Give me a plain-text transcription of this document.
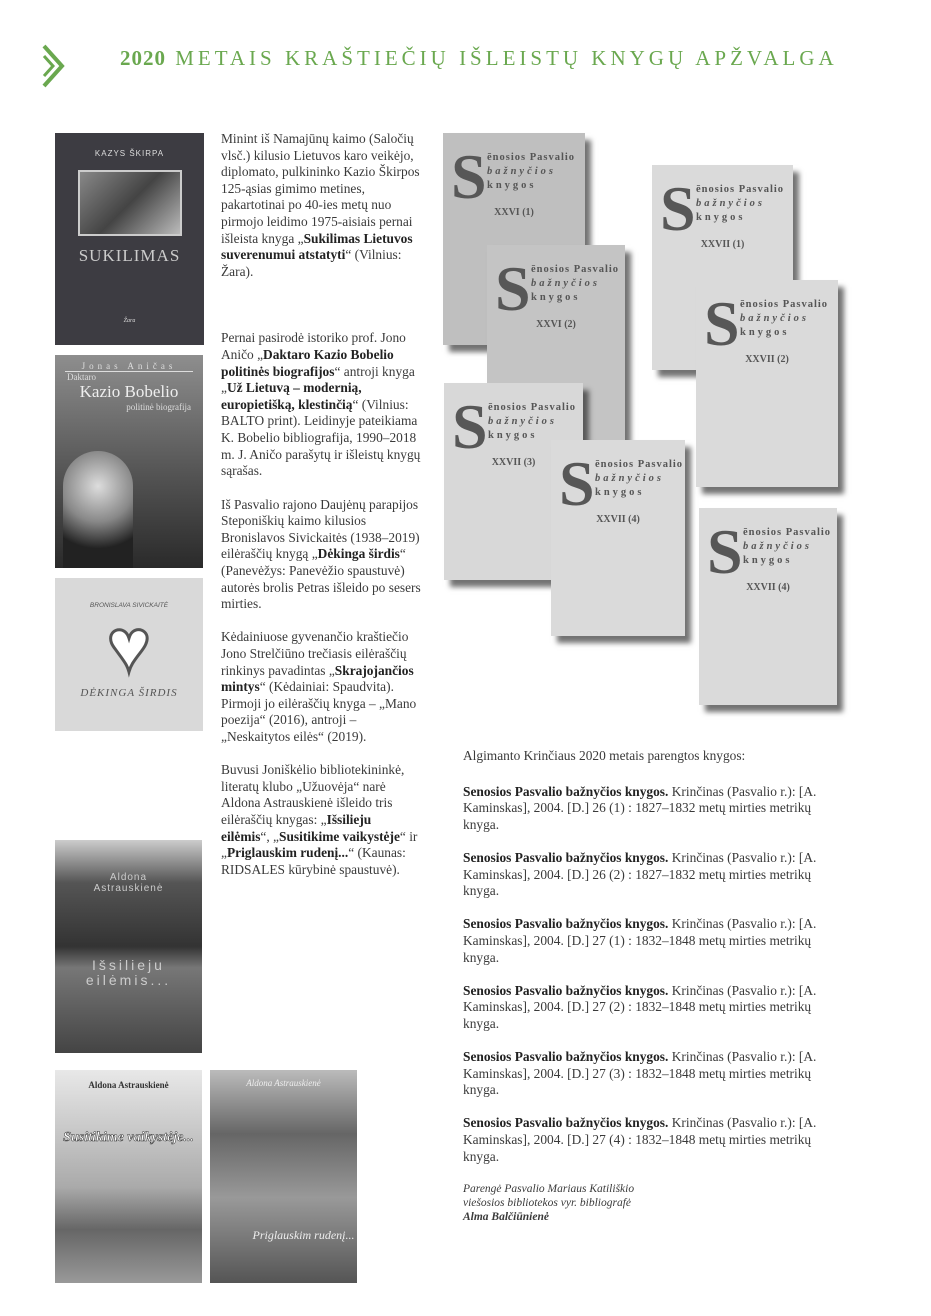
2020 METAIS KRAŠTIEČIŲ IŠLEISTŲ KNYGŲ APŽVALGA
KAZYS ŠKIRPA
SUKILIMAS
Žara
Jonas Aničas
Daktaro
Kazio Bobelio
politinė biografija
BRONISLAVA SIVICKAITĖ
♥
DĖKINGA ŠIRDIS
Aldona Astrauskienė
Išsilieju eilėmis...
Aldona Astrauskienė
Susitikime vaikystėje...
Aldona Astrauskienė
Priglauskim rudenį...

Minint iš Namajūnų kaimo (Saločių vlsč.) kilusio Lietuvos karo veikėjo, diplomato, pulkininko Kazio Škirpos 125-ąsias gimimo metines, pakartotinai po 40-ies metų nuo pirmojo leidimo 1975-aisiais pernai išleista knyga „Sukilimas Lietuvos suverenumui atstatyti“ (Vilnius: Žara).

Pernai pasirodė istoriko prof. Jono Aničo „Daktaro Kazio Bobelio politinės biografijos“ antroji knyga „Už Lietuvą – modernią, europietišką, klestinčią“ (Vilnius: BALTO print). Leidinyje pateikiama K. Bobelio bibliografija, 1990–2018 m. J. Aničo parašytų ir išleistų knygų sąrašas.

Iš Pasvalio rajono Daujėnų parapijos Steponiškių kaimo kilusios Bronislavos Sivickaitės (1938–2019) eilėraščių knygą „Dėkinga širdis“ (Panevėžys: Panevėžio spaustuvė) autorės brolis Petras išleido po sesers mirties.

Kėdainiuose gyvenančio kraštiečio Jono Strelčiūno trečiasis eilėraščių rinkinys pavadintas „Skrajojančios mintys“ (Kėdainiai: Spaudvita). Pirmoji jo eilėraščių knyga – „Mano poezija“ (2016), antroji – „Neskaitytos eilės“ (2019).

Buvusi Joniškėlio bibliotekininkė, literatų klubo „Užuovėja“ narė Aldona Astrauskienė išleido tris eilėraščių knygas: „Išsilieju eilėmis“, „Susitikime vaikystėje“ ir „Priglauskim rudenį...“ (Kaunas: RIDSALES kūrybinė spaustuvė).

S ēnosios Pasvalio
bažnyčios
knygos
XXVI (1)
S ēnosios Pasvalio
bažnyčios
knygos
XXVI (2)
S ēnosios Pasvalio
bažnyčios
knygos
XXVII (3) S ēnosios Pasvalio
bažnyčios
knygos
XXVII (4)
S ēnosios Pasvalio
bažnyčios
knygos
XXVII (1)
S ēnosios Pasvalio
bažnyčios
knygos
XXVII (2)
S ēnosios Pasvalio
bažnyčios
knygos
XXVII (4)

Algimanto Krinčiaus 2020 metais parengtos knygos:

Senosios Pasvalio bažnyčios knygos. Krinčinas (Pasvalio r.): [A. Kaminskas], 2004. [D.] 26 (1) : 1827–1832 metų mirties metrikų knyga.

Senosios Pasvalio bažnyčios knygos. Krinčinas (Pasvalio r.): [A. Kaminskas], 2004. [D.] 26 (2) : 1827–1832 metų mirties metrikų knyga.

Senosios Pasvalio bažnyčios knygos. Krinčinas (Pasvalio r.): [A. Kaminskas], 2004. [D.] 27 (1) : 1832–1848 metų mirties metrikų knyga.

Senosios Pasvalio bažnyčios knygos. Krinčinas (Pasvalio r.): [A. Kaminskas], 2004. [D.] 27 (2) : 1832–1848 metų mirties metrikų knyga.

Senosios Pasvalio bažnyčios knygos. Krinčinas (Pasvalio r.): [A. Kaminskas], 2004. [D.] 27 (3) : 1832–1848 metų mirties metrikų knyga.

Senosios Pasvalio bažnyčios knygos. Krinčinas (Pasvalio r.): [A. Kaminskas], 2004. [D.] 27 (4) : 1832–1848 metų mirties metrikų knyga.

Parengė Pasvalio Mariaus Katiliškio
viešosios bibliotekos vyr. bibliografė
Alma Balčiūnienė
